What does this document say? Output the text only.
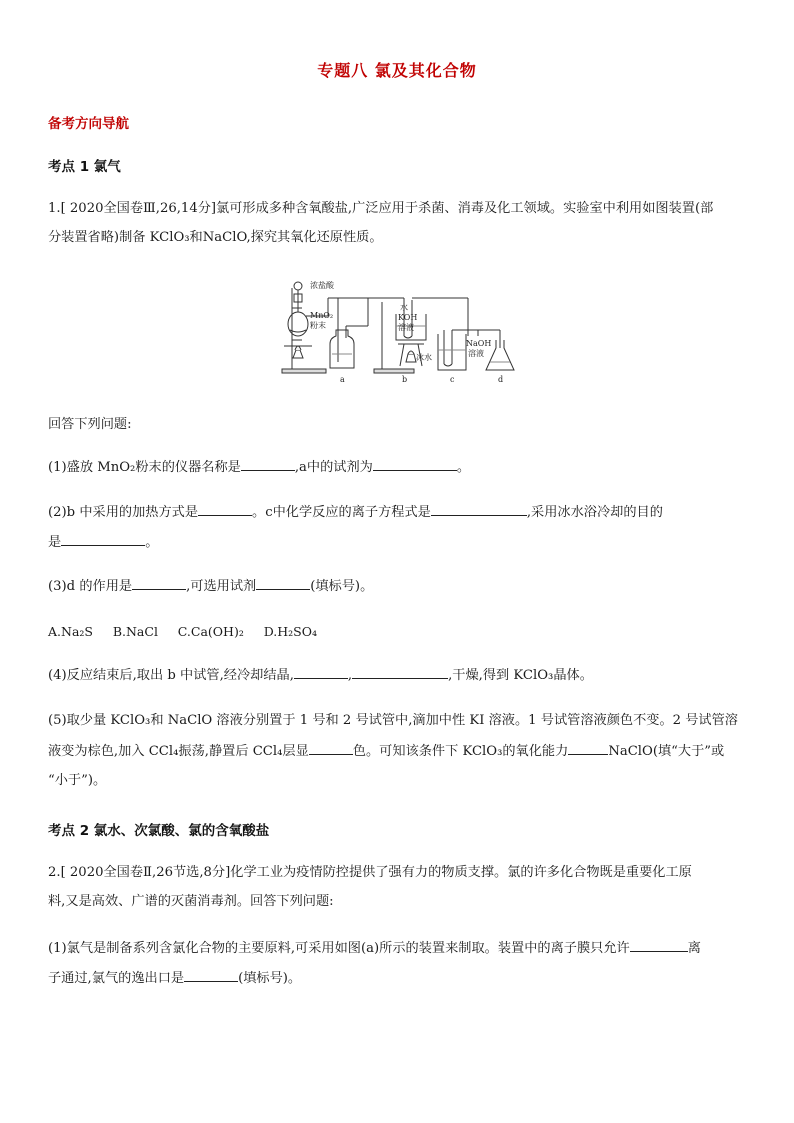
专题八 氯及其化合物
备考方向导航
考点 1 氯气
1.[ 2020全国卷Ⅲ,26,14分]氯可形成多种含氧酸盐,广泛应用于杀菌、消毒及化工领域。实验室中利用如图装置(部
分装置省略)制备 KClO₃和NaClO,探究其氧化还原性质。
浓盐酸
MnO₂
粉末
水
KOH
溶液
冰水
NaOH
溶液
a	b	c	d
回答下列问题:
(1)盛放 MnO₂粉末的仪器名称是	,a中的试剂为	。
(2)b 中采用的加热方式是	。c中化学反应的离子方程式是	,采用冰水浴冷却的目的
是	。
(3)d 的作用是	,可选用试剂	(填标号)。
A.Na₂S     B.NaCl     C.Ca(OH)₂     D.H₂SO₄
(4)反应结束后,取出 b 中试管,经冷却结晶,	,	,干燥,得到 KClO₃晶体。
(5)取少量 KClO₃和 NaClO 溶液分别置于 1 号和 2 号试管中,滴加中性 KI 溶液。1 号试管溶液颜色不变。2 号试管溶
液变为棕色,加入 CCl₄振荡,静置后 CCl₄层显	色。可知该条件下 KClO₃的氧化能力	NaClO(填“大于”或
“小于”)。
考点 2 氯水、次氯酸、氯的含氧酸盐
2.[ 2020全国卷Ⅱ,26节选,8分]化学工业为疫情防控提供了强有力的物质支撑。氯的许多化合物既是重要化工原
料,又是高效、广谱的灭菌消毒剂。回答下列问题:
(1)氯气是制备系列含氯化合物的主要原料,可采用如图(a)所示的装置来制取。装置中的离子膜只允许	离
子通过,氯气的逸出口是	(填标号)。
